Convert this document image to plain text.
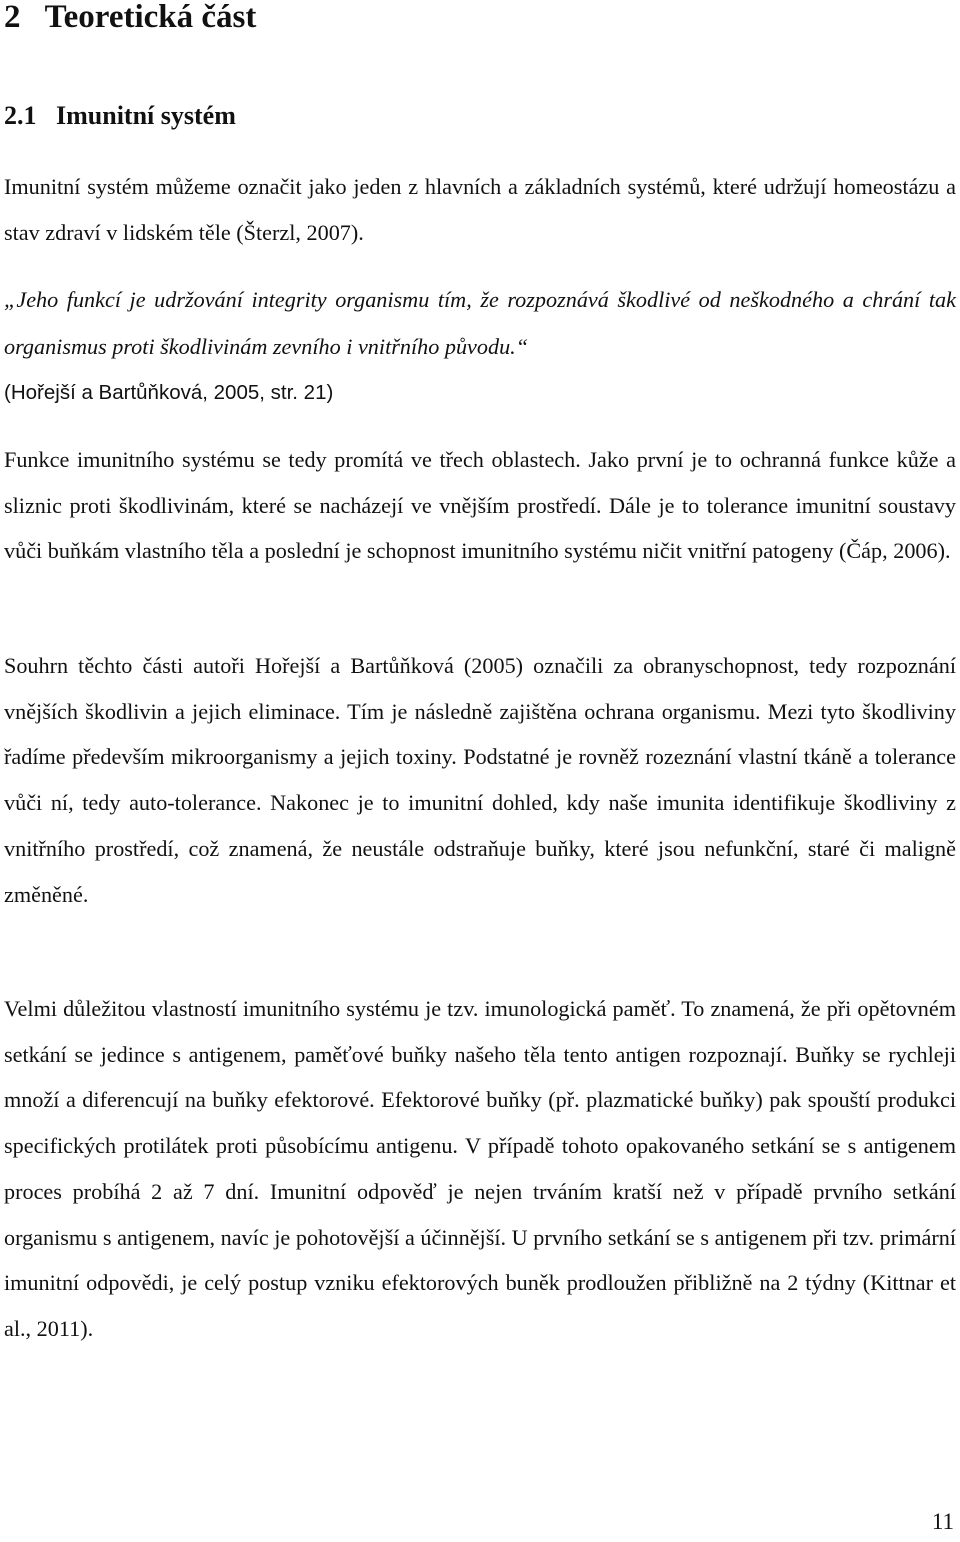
2 Teoretická část
2.1 Imunitní systém

Imunitní systém můžeme označit jako jeden z hlavních a základních systémů, které udržují homeostázu a stav zdraví v lidském těle (Šterzl, 2007).

„Jeho funkcí je udržování integrity organismu tím, že rozpoznává škodlivé od neškodného a chrání tak organismus proti škodlivinám zevního i vnitřního původu.“

(Hořejší a Bartůňková, 2005, str. 21)

Funkce imunitního systému se tedy promítá ve třech oblastech. Jako první je to ochranná funkce kůže a sliznic proti škodlivinám, které se nacházejí ve vnějším prostředí. Dále je to tolerance imunitní soustavy vůči buňkám vlastního těla a poslední je schopnost imunitního systému ničit vnitřní patogeny (Čáp, 2006).

Souhrn těchto části autoři Hořejší a Bartůňková (2005) označili za obranyschopnost, tedy rozpoznání vnějších škodlivin a jejich eliminace. Tím je následně zajištěna ochrana organismu. Mezi tyto škodliviny řadíme především mikroorganismy a jejich toxiny. Podstatné je rovněž rozeznání vlastní tkáně a tolerance vůči ní, tedy auto-tolerance. Nakonec je to imunitní dohled, kdy naše imunita identifikuje škodliviny z vnitřního prostředí, což znamená, že neustále odstraňuje buňky, které jsou nefunkční, staré či maligně změněné.

Velmi důležitou vlastností imunitního systému je tzv. imunologická paměť. To znamená, že při opětovném setkání se jedince s antigenem, paměťové buňky našeho těla tento antigen rozpoznají. Buňky se rychleji množí a diferencují na buňky efektorové. Efektorové buňky (př. plazmatické buňky) pak spouští produkci specifických protilátek proti působícímu antigenu. V případě tohoto opakovaného setkání se s antigenem proces probíhá 2 až 7 dní. Imunitní odpověď je nejen trváním kratší než v případě prvního setkání organismu s antigenem, navíc je pohotovější a účinnější. U prvního setkání se s antigenem při tzv. primární imunitní odpovědi, je celý postup vzniku efektorových buněk prodloužen přibližně na 2 týdny (Kittnar et al., 2011).

11
